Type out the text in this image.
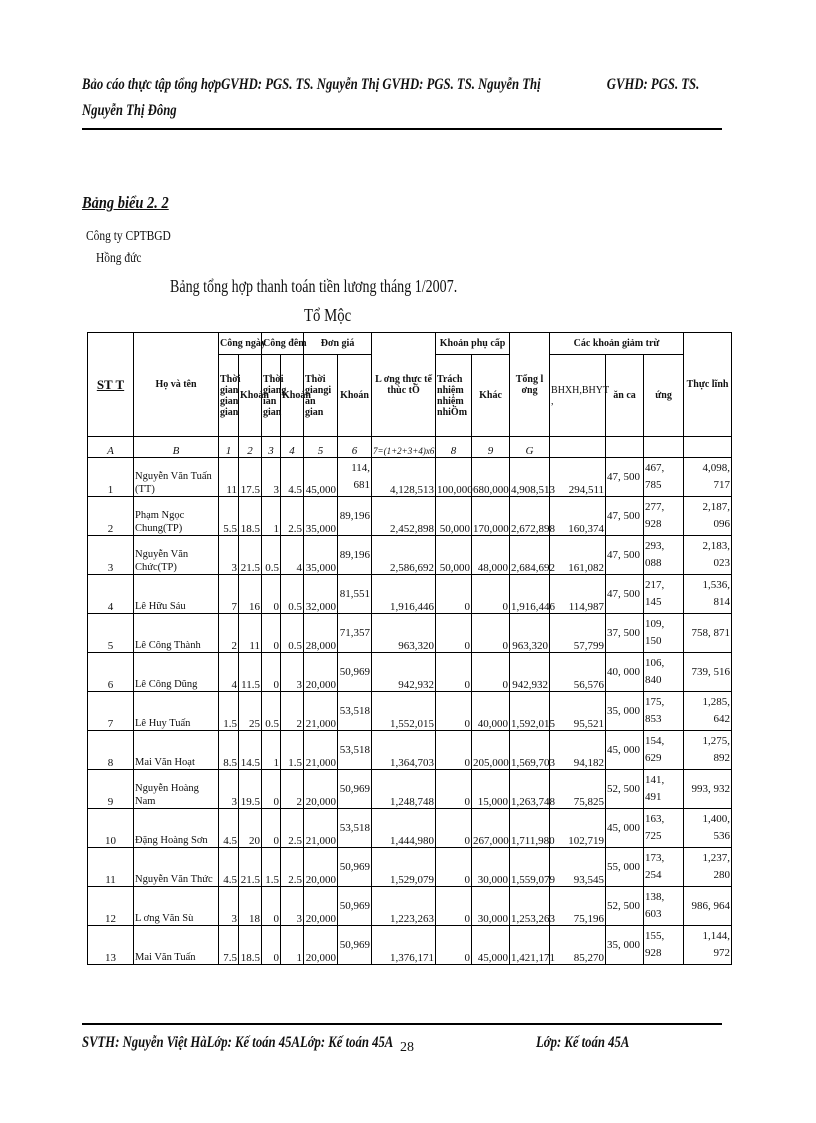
Bảo cáo thực tập tổng hợpGVHD: PGS. TS. Nguyễn Thị GVHD: PGS. TS. Nguyễn Thị	GVHD: PGS. TS.

Nguyễn Thị Đông
Bảng biểu 2. 2
Công ty CPTBGD
Hồng đức
Bảng tổng hợp thanh toán tiền lương tháng 1/2007.
Tổ Mộc
ST T	Họ và tên	Công ngày		Công đêm		Đơn giá		L ơng thực tế thùc tÕ	Khoản phụ cấp		Tổng l ơng	Các khoản giảm trừ			Thực lĩnh
		Thời gian gian gian	Khoán	Thời giang ian gian	Khoán	Thời giangi an gian	Khoán		Trách nhiệm nhiệm nhiÖm	Khác		BHXH,BHYT ,	ăn ca	ứng	
A	B	1	2	3	4	5	6	7=(1+2+3+4)x6	8	9	G				
1	Nguyễn Văn Tuấn (TT)	11	17.5	3	4.5	45,000	114, 681	4,128,513	100,000	680,000	4,908,513	294,511	47, 500	467, 785	4,098, 717
2	Phạm Ngọc Chung(TP)	5.5	18.5	1	2.5	35,000	89,196	2,452,898	50,000	170,000	2,672,898	160,374	47, 500	277, 928	2,187, 096
3	Nguyễn Văn Chức(TP)	3	21.5	0.5	4	35,000	89,196	2,586,692	50,000	48,000	2,684,692	161,082	47, 500	293, 088	2,183, 023
4	Lê Hữu Sáu	7	16	0	0.5	32,000	81,551	1,916,446	0	0	1,916,446	114,987	47, 500	217, 145	1,536, 814
5	Lê Công Thành	2	11	0	0.5	28,000	71,357	963,320	0	0	963,320	57,799	37, 500	109, 150	758, 871
6	Lê Công Dũng	4	11.5	0	3	20,000	50,969	942,932	0	0	942,932	56,576	40, 000	106, 840	739, 516
7	Lê Huy Tuấn	1.5	25	0.5	2	21,000	53,518	1,552,015	0	40,000	1,592,015	95,521	35, 000	175, 853	1,285, 642
8	Mai Văn Hoạt	8.5	14.5	1	1.5	21,000	53,518	1,364,703	0	205,000	1,569,703	94,182	45, 000	154, 629	1,275, 892
9	Nguyễn Hoàng Nam	3	19.5	0	2	20,000	50,969	1,248,748	0	15,000	1,263,748	75,825	52, 500	141, 491	993, 932
10	Đặng Hoàng Sơn	4.5	20	0	2.5	21,000	53,518	1,444,980	0	267,000	1,711,980	102,719	45, 000	163, 725	1,400, 536
11	Nguyễn Văn Thức	4.5	21.5	1.5	2.5	20,000	50,969	1,529,079	0	30,000	1,559,079	93,545	55, 000	173, 254	1,237, 280
12	L ơng Văn Sù	3	18	0	3	20,000	50,969	1,223,263	0	30,000	1,253,263	75,196	52, 500	138, 603	986, 964
13	Mai Văn Tuấn	7.5	18.5	0	1	20,000	50,969	1,376,171	0	45,000	1,421,171	85,270	35, 000	155, 928	1,144, 972
SVTH: Nguyễn Việt HàLớp: Kế toán 45ALớp: Kế toán 45A 28	Lớp: Kế toán 45A
